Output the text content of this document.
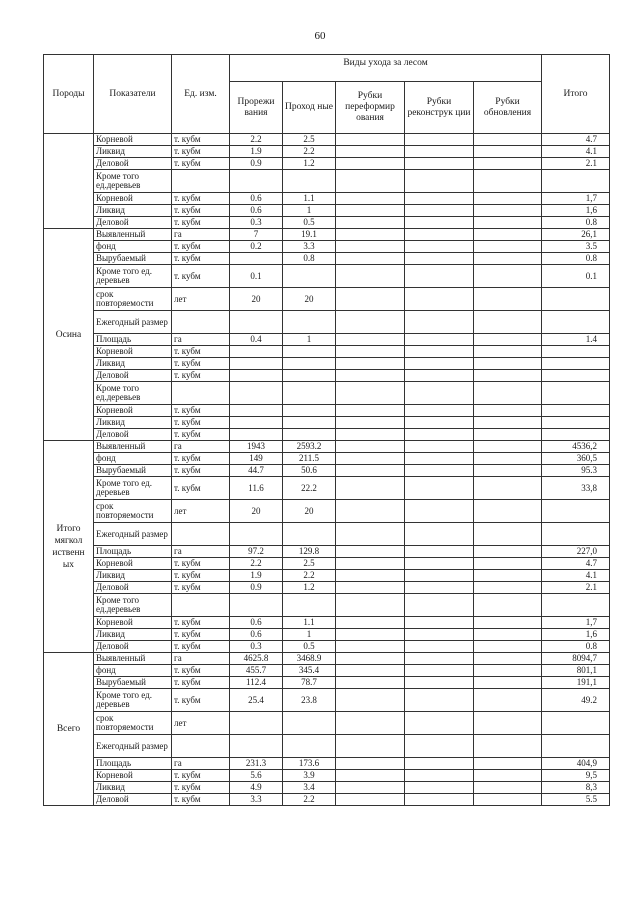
60
Породы	Показатели	Ед. изм.	Виды ухода за лесом					Итого
			Прорежи вания	Проход ные	Рубки переформир ования	Рубки реконструк ции	Рубки обновления	
	Корневой	т. кубм	2.2	2.5				4.7
	Ликвид	т. кубм	1.9	2.2				4.1
	Деловой	т. кубм	0.9	1.2				2.1
	Кроме того ед.деревьев							
	Корневой	т. кубм	0.6	1.1				1,7
	Ликвид	т. кубм	0.6	1				1,6
	Деловой	т. кубм	0.3	0.5				0.8
Осина	Выявленный	га	7	19.1				26,1
	фонд	т. кубм	0.2	3.3				3.5
	Вырубаемый	т. кубм		0.8				0.8
	Кроме того ед. деревьев	т. кубм	0.1					0.1
	срок повторяемости	лет	20	20				
	Ежегодный размер							
	Площадь	га	0.4	1				1.4
	Корневой	т. кубм						
	Ликвид	т. кубм						
	Деловой	т. кубм						
	Кроме того ед.деревьев							
	Корневой	т. кубм						
	Ликвид	т. кубм						
	Деловой	т. кубм						
Итого мягкол иственн ых	Выявленный	га	1943	2593.2				4536,2
	фонд	т. кубм	149	211.5				360,5
	Вырубаемый	т. кубм	44.7	50.6				95.3
	Кроме того ед. деревьев	т. кубм	11.6	22.2				33,8
	срок повторяемости	лет	20	20				
	Ежегодный размер							
	Площадь	га	97.2	129.8				227,0
	Корневой	т. кубм	2.2	2.5				4.7
	Ликвид	т. кубм	1.9	2.2				4.1
	Деловой	т. кубм	0.9	1.2				2.1
	Кроме того ед.деревьев							
	Корневой	т. кубм	0.6	1.1				1,7
	Ликвид	т. кубм	0.6	1				1,6
	Деловой	т. кубм	0.3	0.5				0.8
Всего	Выявленный	га	4625.8	3468.9				8094,7
	фонд	т. кубм	455.7	345.4				801,1
	Вырубаемый	т. кубм	112.4	78.7				191,1
	Кроме того ед. деревьев	т. кубм	25.4	23.8				49.2
	срок повторяемости	лет						
	Ежегодный размер							
	Площадь	га	231.3	173.6				404,9
	Корневой	т. кубм	5.6	3.9				9,5
	Ликвид	т. кубм	4.9	3.4				8,3
	Деловой	т. кубм	3.3	2.2				5.5
